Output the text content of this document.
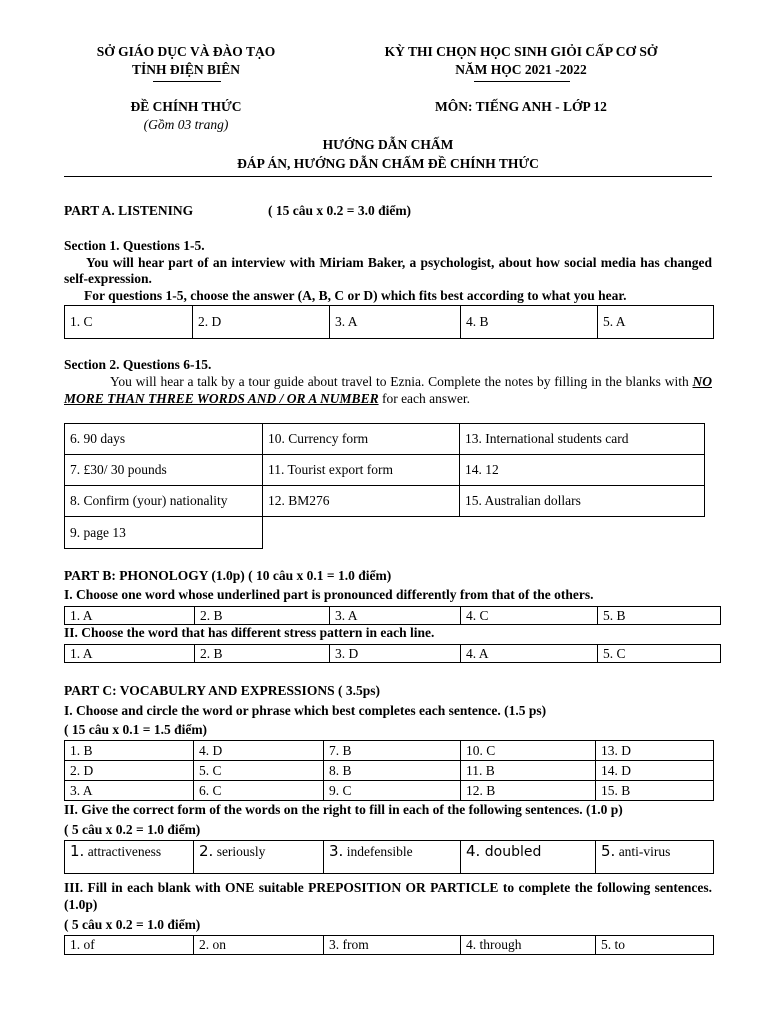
SỞ GIÁO DỤC VÀ ĐÀO TẠO
TỈNH ĐIỆN BIÊN
KỲ THI CHỌN HỌC SINH GIỎI CẤP CƠ SỞ
NĂM HỌC 2021 -2022
ĐỀ CHÍNH THỨC
(Gồm 03 trang)
MÔN: TIẾNG ANH - LỚP 12
HƯỚNG DẪN CHẤM
ĐÁP ÁN, HƯỚNG DẪN CHẤM ĐỀ CHÍNH THỨC
PART A. LISTENING	( 15 câu x 0.2 = 3.0 điểm)
Section 1. Questions 1-5.

You will hear part of an interview with Miriam Baker, a psychologist, about how social media has changed self-expression.

For questions 1-5, choose the answer (A, B, C or D) which fits best according to what you hear.
1. C	2. D	3. A	4. B	5. A
Section 2. Questions 6-15.

You will hear a talk by a tour guide about travel to Eznia. Complete the notes by filling in the blanks with NO MORE THAN THREE WORDS AND / OR A NUMBER for each answer.

6. 90 days	10. Currency form	13. International students card
7. £30/ 30 pounds	11. Tourist export form	14. 12
8. Confirm (your) nationality	12. BM276	15. Australian dollars
9. page 13		
PART B: PHONOLOGY (1.0p) ( 10 câu x 0.1 = 1.0 điểm)
I. Choose one word whose underlined part is pronounced differently from that of the others.
1. A	2. B	3. A	4. C	5. B
II. Choose the word that has different stress pattern in each line.
1. A	2. B	3. D	4. A	5. C
PART C: VOCABULRY AND EXPRESSIONS ( 3.5ps)
I. Choose and circle the word or phrase which best completes each sentence. (1.5 ps)
( 15 câu x 0.1 = 1.5 điểm)
1. B	4. D	7. B	10. C	13. D
2. D	5. C	8. B	11. B	14. D
3. A	6. C	9. C	12. B	15. B
II. Give the correct form of the words on the right to fill in each of the following sentences. (1.0 p)
( 5 câu x 0.2 = 1.0 điểm)
1. attractiveness	2. seriously	3. indefensible	4. doubled	5. anti-virus

III. Fill in each blank with ONE suitable PREPOSITION OR PARTICLE to complete the following sentences.(1.0p)

( 5 câu x 0.2 = 1.0 điểm)
1. of	2. on	3. from	4. through	5. to
